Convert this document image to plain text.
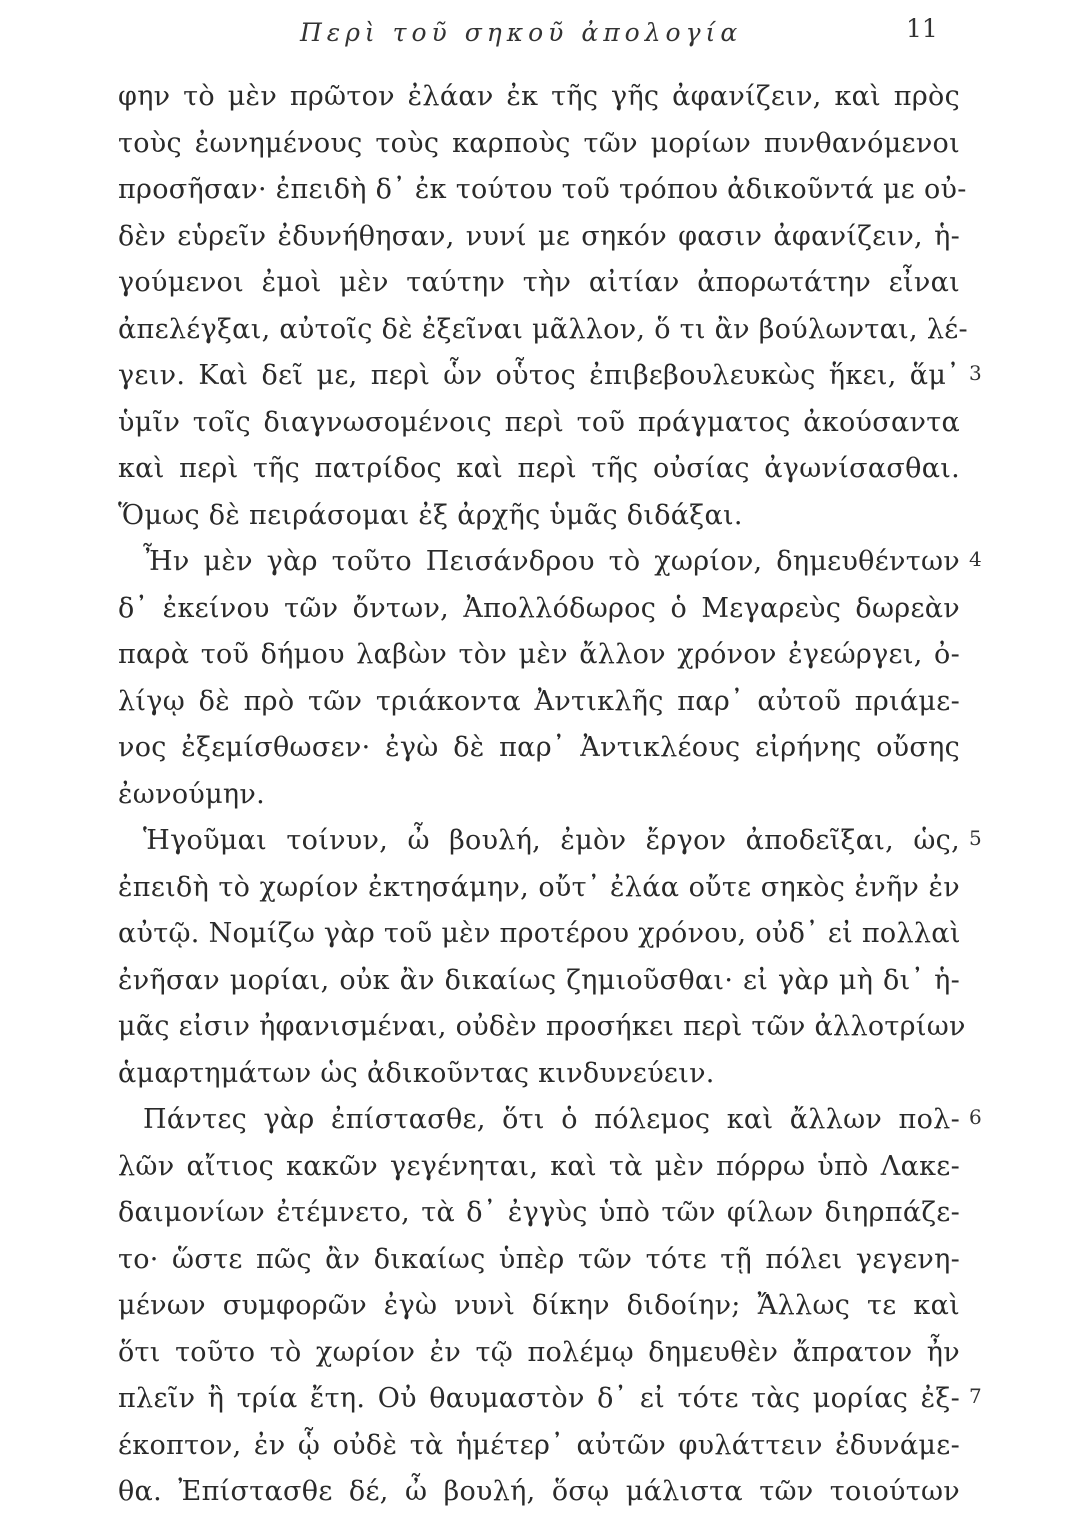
Περὶ τοῦ σηκοῦ ἀπολογία	11
φην τὸ μὲν πρῶτον ἐλάαν ἐκ τῆς γῆς ἀφανίζειν, καὶ πρὸς
τοὺς ἐωνημένους τοὺς καρποὺς τῶν μορίων πυνθανόμενοι
προσῆσαν· ἐπειδὴ δ᾽ ἐκ τούτου τοῦ τρόπου ἀδικοῦντά με οὐ-
δὲν εὑρεῖν ἐδυνήθησαν, νυνί με σηκόν φασιν ἀφανίζειν, ἡ-
γούμενοι ἐμοὶ μὲν ταύτην τὴν αἰτίαν ἀπορωτάτην εἶναι
ἀπελέγξαι, αὐτοῖς δὲ ἐξεῖναι μᾶλλον, ὅ τι ἂν βούλωνται, λέ-
γειν. Καὶ δεῖ με, περὶ ὧν οὗτος ἐπιβεβουλευκὼς ἥκει, ἅμ᾽ 3
ὑμῖν τοῖς διαγνωσομένοις περὶ τοῦ πράγματος ἀκούσαντα
καὶ περὶ τῆς πατρίδος καὶ περὶ τῆς οὐσίας ἀγωνίσασθαι.
Ὅμως δὲ πειράσομαι ἐξ ἀρχῆς ὑμᾶς διδάξαι.
Ἦν μὲν γὰρ τοῦτο Πεισάνδρου τὸ χωρίον, δημευθέντων 4
δ᾽ ἐκείνου τῶν ὄντων, Ἀπολλόδωρος ὁ Μεγαρεὺς δωρεὰν
παρὰ τοῦ δήμου λαβὼν τὸν μὲν ἄλλον χρόνον ἐγεώργει, ὀ-
λίγῳ δὲ πρὸ τῶν τριάκοντα Ἀντικλῆς παρ᾽ αὐτοῦ πριάμε-
νος ἐξεμίσθωσεν· ἐγὼ δὲ παρ᾽ Ἀντικλέους εἰρήνης οὔσης
ἐωνούμην.
Ἡγοῦμαι τοίνυν, ὦ βουλή, ἐμὸν ἔργον ἀποδεῖξαι, ὡς, 5
ἐπειδὴ τὸ χωρίον ἐκτησάμην, οὔτ᾽ ἐλάα οὔτε σηκὸς ἐνῆν ἐν
αὐτῷ. Νομίζω γὰρ τοῦ μὲν προτέρου χρόνου, οὐδ᾽ εἰ πολλαὶ
ἐνῆσαν μορίαι, οὐκ ἂν δικαίως ζημιοῦσθαι· εἰ γὰρ μὴ δι᾽ ἡ-
μᾶς εἰσιν ἠφανισμέναι, οὐδὲν προσήκει περὶ τῶν ἀλλοτρίων
ἁμαρτημάτων ὡς ἀδικοῦντας κινδυνεύειν.
Πάντες γὰρ ἐπίστασθε, ὅτι ὁ πόλεμος καὶ ἄλλων πολ- 6
λῶν αἴτιος κακῶν γεγένηται, καὶ τὰ μὲν πόρρω ὑπὸ Λακε-
δαιμονίων ἐτέμνετο, τὰ δ᾽ ἐγγὺς ὑπὸ τῶν φίλων διηρπάζε-
το· ὥστε πῶς ἂν δικαίως ὑπὲρ τῶν τότε τῇ πόλει γεγενη-
μένων συμφορῶν ἐγὼ νυνὶ δίκην διδοίην; Ἄλλως τε καὶ
ὅτι τοῦτο τὸ χωρίον ἐν τῷ πολέμῳ δημευθὲν ἄπρατον ἦν
πλεῖν ἢ τρία ἔτη. Οὐ θαυμαστὸν δ᾽ εἰ τότε τὰς μορίας ἐξ- 7
έκοπτον, ἐν ᾧ οὐδὲ τὰ ἡμέτερ᾽ αὐτῶν φυλάττειν ἐδυνάμε-
θα. Ἐπίστασθε δέ, ὦ βουλή, ὅσῳ μάλιστα τῶν τοιούτων
